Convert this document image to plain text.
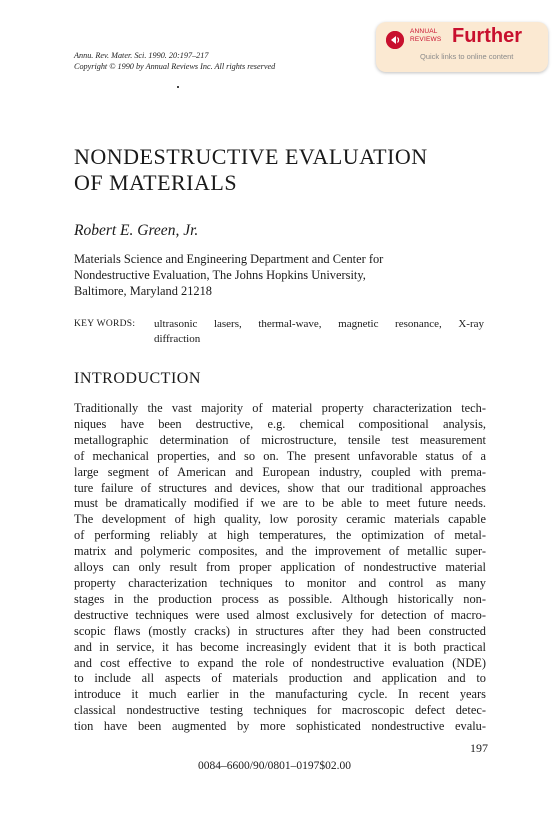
Annu. Rev. Mater. Sci. 1990. 20:197–217
Copyright © 1990 by Annual Reviews Inc. All rights reserved
ANNUAL
REVIEWS Further
Quick links to online content
NONDESTRUCTIVE EVALUATION
OF MATERIALS
Robert E. Green, Jr.
Materials Science and Engineering Department and Center for
Nondestructive Evaluation, The Johns Hopkins University,
Baltimore, Maryland 21218
KEY WORDS: ultrasonic lasers, thermal-wave, magnetic resonance, X-ray
diffraction
INTRODUCTION
Traditionally the vast majority of material property characterization tech-
niques have been destructive, e.g. chemical compositional analysis,
metallographic determination of microstructure, tensile test measurement
of mechanical properties, and so on. The present unfavorable status of a
large segment of American and European industry, coupled with prema-
ture failure of structures and devices, show that our traditional approaches
must be dramatically modified if we are to be able to meet future needs.
The development of high quality, low porosity ceramic materials capable
of performing reliably at high temperatures, the optimization of metal-
matrix and polymeric composites, and the improvement of metallic super-
alloys can only result from proper application of nondestructive material
property characterization techniques to monitor and control as many
stages in the production process as possible. Although historically non-
destructive techniques were used almost exclusively for detection of macro-
scopic flaws (mostly cracks) in structures after they had been constructed
and in service, it has become increasingly evident that it is both practical
and cost effective to expand the role of nondestructive evaluation (NDE)
to include all aspects of materials production and application and to
introduce it much earlier in the manufacturing cycle. In recent years
classical nondestructive testing techniques for macroscopic defect detec-
tion have been augmented by more sophisticated nondestructive evalu-
197
0084–6600/90/0801–0197$02.00
